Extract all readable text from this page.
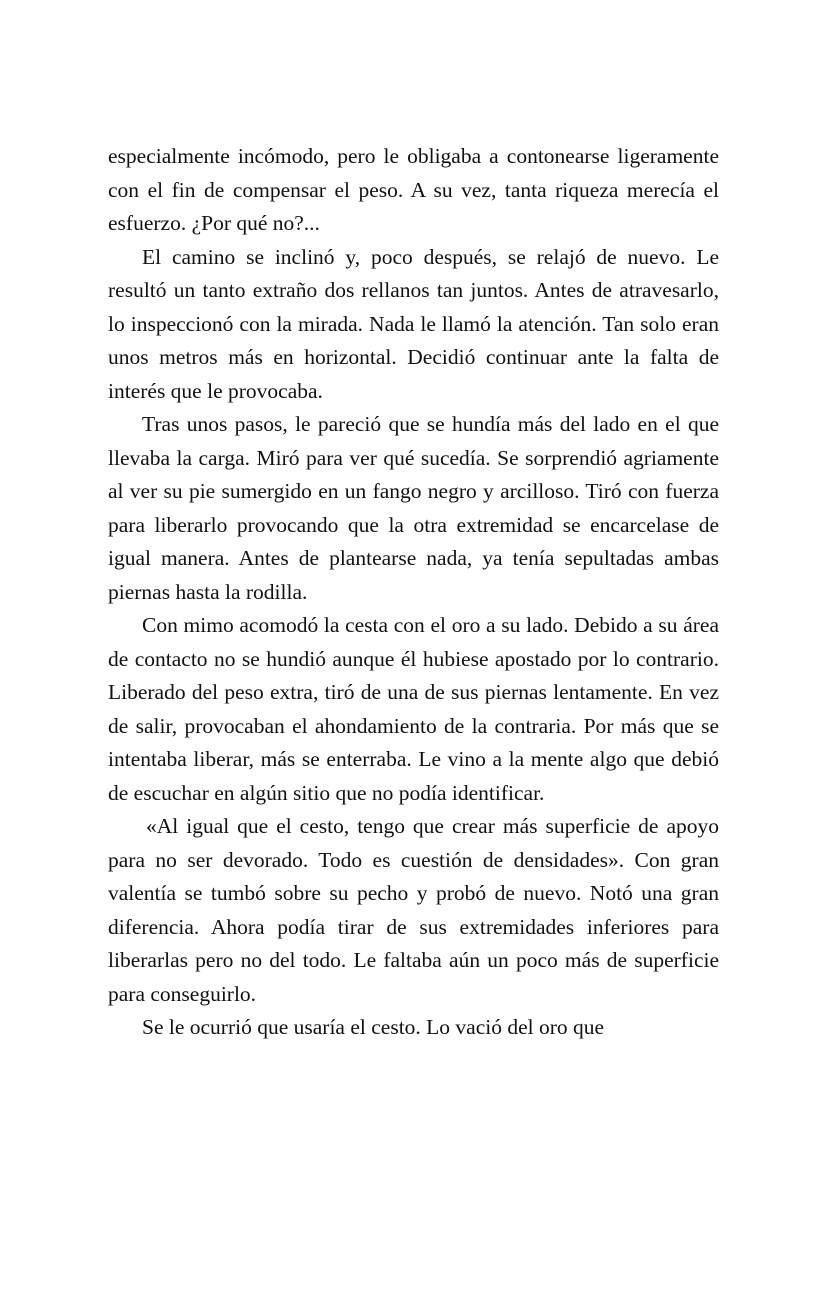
especialmente incómodo, pero le obligaba a contonearse ligeramente con el fin de compensar el peso. A su vez, tanta riqueza merecía el esfuerzo. ¿Por qué no?...

El camino se inclinó y, poco después, se relajó de nuevo. Le resultó un tanto extraño dos rellanos tan juntos. Antes de atravesarlo, lo inspeccionó con la mirada. Nada le llamó la atención. Tan solo eran unos metros más en horizontal. Decidió continuar ante la falta de interés que le provocaba.

Tras unos pasos, le pareció que se hundía más del lado en el que llevaba la carga. Miró para ver qué sucedía. Se sorprendió agriamente al ver su pie sumergido en un fango negro y arcilloso. Tiró con fuerza para liberarlo provocando que la otra extremidad se encarcelase de igual manera. Antes de plantearse nada, ya tenía sepultadas ambas piernas hasta la rodilla.

Con mimo acomodó la cesta con el oro a su lado. Debido a su área de contacto no se hundió aunque él hubiese apostado por lo contrario. Liberado del peso extra, tiró de una de sus piernas lentamente. En vez de salir, provocaban el ahondamiento de la contraria. Por más que se intentaba liberar, más se enterraba. Le vino a la mente algo que debió de escuchar en algún sitio que no podía identificar.

«Al igual que el cesto, tengo que crear más superficie de apoyo para no ser devorado. Todo es cuestión de densidades». Con gran valentía se tumbó sobre su pecho y probó de nuevo. Notó una gran diferencia. Ahora podía tirar de sus extremidades inferiores para liberarlas pero no del todo. Le faltaba aún un poco más de superficie para conseguirlo.

Se le ocurrió que usaría el cesto. Lo vació del oro que
